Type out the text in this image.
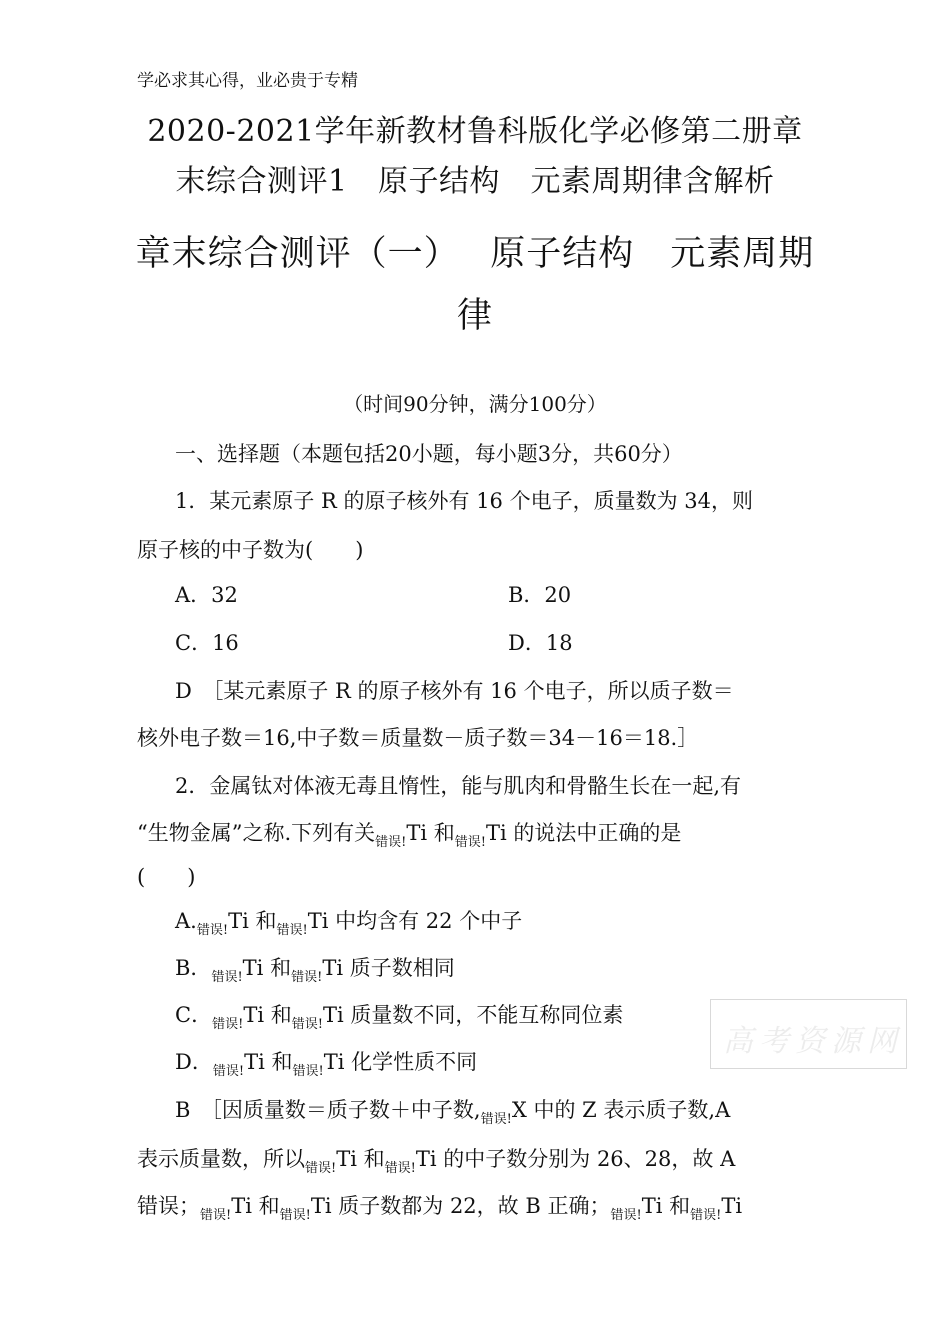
学必求其心得，业必贵于专精
2020-2021学年新教材鲁科版化学必修第二册章
末综合测评1　原子结构　元素周期律含解析
章末综合测评（一）　 原子结构　元素周期
律
（时间90分钟，满分100分）
一、选择题（本题包括20小题，每小题3分，共60分）
1．某元素原子 R 的原子核外有 16 个电子，质量数为 34，则
原子核的中子数为(　　)
A．32	B．20
C．16	D．18
D　［某元素原子 R 的原子核外有 16 个电子，所以质子数＝
核外电子数＝16,中子数＝质量数－质子数＝34－16＝18.］
2．金属钛对体液无毒且惰性，能与肌肉和骨骼生长在一起,有
“生物金属”之称.下列有关$_{错误!}$Ti 和$_{错误!}$Ti 的说法中正确的是
(　　)
$A._{错误!}Ti$ 和$_{错误!}$Ti 中均含有 22 个中子
B．$_{错误!}$Ti 和$_{错误!}$Ti 质子数相同
C．$_{错误!}$Ti 和$_{错误!}$Ti 质量数不同，不能互称同位素
D．$_{错误!}$Ti 和$_{错误!}$Ti 化学性质不同
B　［因质量数＝质子数＋中子数$,_{错误!}X$ 中的 Z 表示质子数,A
表示质量数，所以$_{错误!}$Ti 和$_{错误!}$Ti 的中子数分别为 26、28，故 A
错误；$_{错误!}$Ti 和$_{错误!}$Ti 质子数都为 22，故 B 正确；$_{错误!}$Ti 和$_{错误!}$Ti
高考资源网
